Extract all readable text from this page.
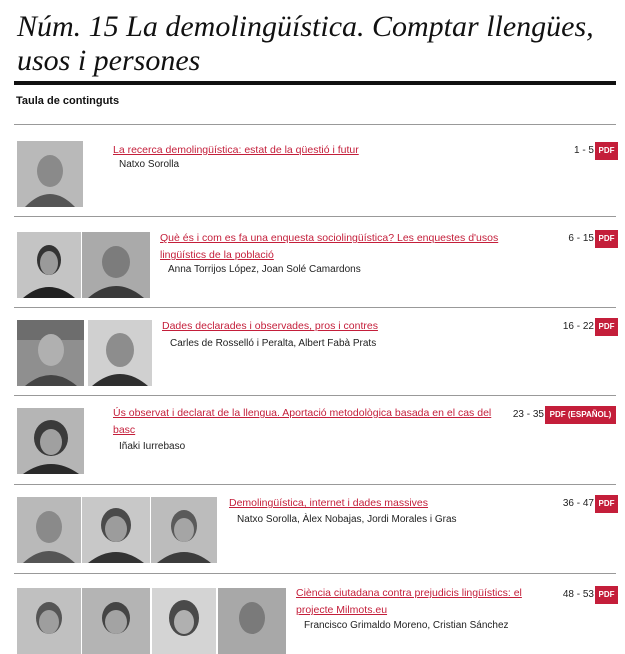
Núm. 15 La demolingüística. Comptar llengües, usos i persones
Taula de continguts
La recerca demolingüística: estat de la qüestió i futur
Natxo Sorolla
1 - 5 PDF
Què és i com es fa una enquesta sociolingüística? Les enquestes d'usos lingüístics de la població
Anna Torrijos López, Joan Solé Camardons
6 - 15 PDF
Dades declarades i observades, pros i contres
Carles de Rosselló i Peralta, Albert Fabà Prats
16 - 22 PDF
Ús observat i declarat de la llengua. Aportació metodològica basada en el cas del basc
Iñaki Iurrebaso
23 - 35 PDF (ESPAÑOL)
Demolingüística, internet i dades massives
Natxo Sorolla, Àlex Nobajas, Jordi Morales i Gras
36 - 47 PDF
Ciència ciutadana contra prejudicis lingüístics: el projecte Milmots.eu
Francisco Grimaldo Moreno, Cristian Sánchez
48 - 53 PDF
